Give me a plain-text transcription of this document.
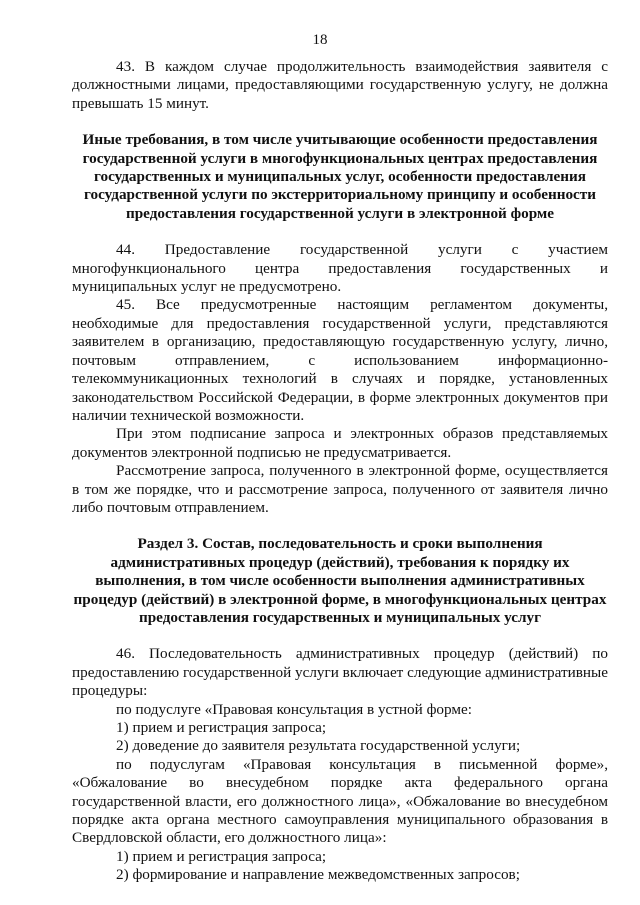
18

43. В каждом случае продолжительность взаимодействия заявителя с должностными лицами, предоставляющими государственную услугу, не должна превышать 15 минут.

Иные требования, в том числе учитывающие особенности предоставления государственной услуги в многофункциональных центрах предоставления государственных и муниципальных услуг, особенности предоставления государственной услуги по экстерриториальному принципу и особенности предоставления государственной услуги в электронной форме

44. Предоставление государственной услуги с участием многофункционального центра предоставления государственных и муниципальных услуг не предусмотрено.

45. Все предусмотренные настоящим регламентом документы, необходимые для предоставления государственной услуги, представляются заявителем в организацию, предоставляющую государственную услугу, лично, почтовым отправлением, с использованием информационно-телекоммуникационных технологий в случаях и порядке, установленных законодательством Российской Федерации, в форме электронных документов при наличии технической возможности.

При этом подписание запроса и электронных образов представляемых документов электронной подписью не предусматривается.

Рассмотрение запроса, полученного в электронной форме, осуществляется в том же порядке, что и рассмотрение запроса, полученного от заявителя лично либо почтовым отправлением.

Раздел 3. Состав, последовательность и сроки выполнения административных процедур (действий), требования к порядку их выполнения, в том числе особенности выполнения административных процедур (действий) в электронной форме, в многофункциональных центрах предоставления государственных и муниципальных услуг

46. Последовательность административных процедур (действий) по предоставлению государственной услуги включает следующие административные процедуры:

по подуслуге «Правовая консультация в устной форме:

1) прием и регистрация запроса;

2) доведение до заявителя результата государственной услуги;

по подуслугам «Правовая консультация в письменной форме», «Обжалование во внесудебном порядке акта федерального органа государственной власти, его должностного лица», «Обжалование во внесудебном порядке акта органа местного самоуправления муниципального образования в Свердловской области, его должностного лица»:

1) прием и регистрация запроса;

2) формирование и направление межведомственных запросов;
